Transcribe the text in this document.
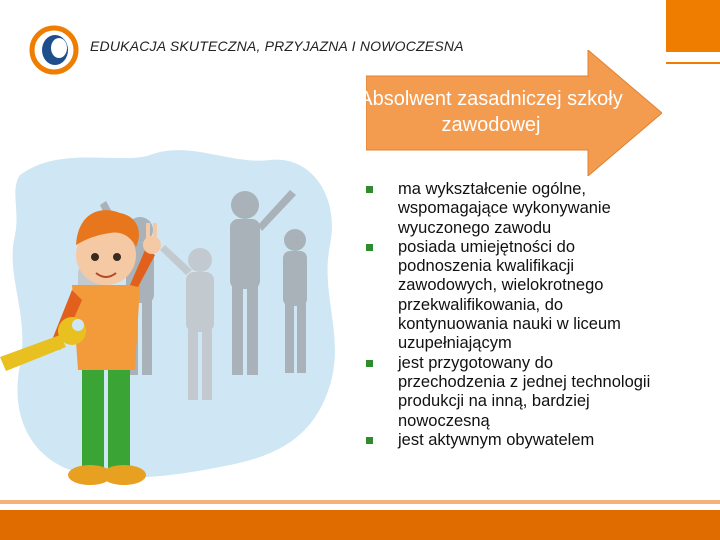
EDUKACJA SKUTECZNA, PRZYJAZNA I NOWOCZESNA
Absolwent zasadniczej szkoły zawodowej
ma wykształcenie ogólne, wspomagające wykonywanie wyuczonego zawodu
posiada umiejętności do podnoszenia kwalifikacji zawodowych, wielokrotnego przekwalifikowania, do kontynuowania nauki w liceum uzupełniającym
jest przygotowany do przechodzenia z jednej technologii produkcji na inną, bardziej nowoczesną
jest aktywnym obywatelem
